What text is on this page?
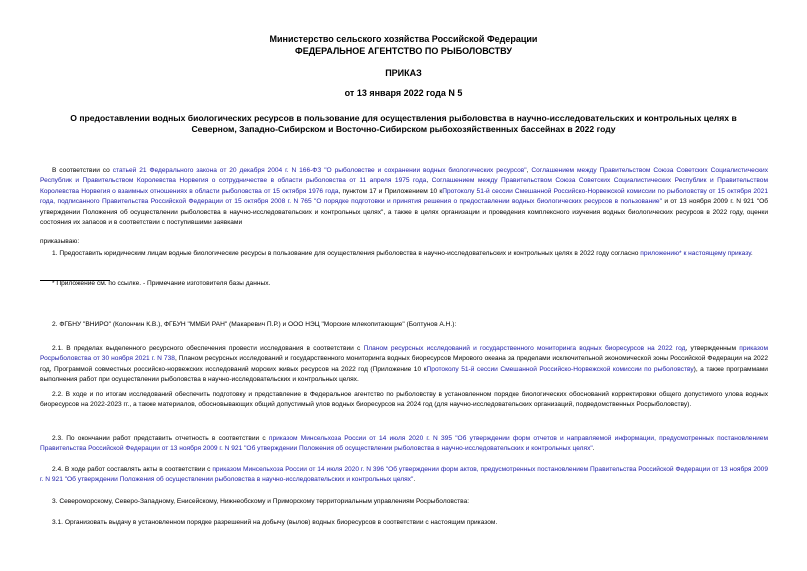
Министерство сельского хозяйства Российской Федерации
ФЕДЕРАЛЬНОЕ АГЕНТСТВО ПО РЫБОЛОВСТВУ
ПРИКАЗ
от 13 января 2022 года N 5
О предоставлении водных биологических ресурсов в пользование для осуществления рыболовства в научно-исследовательских и контрольных целях в
Северном, Западно-Сибирском и Восточно-Сибирском рыбохозяйственных бассейнах в 2022 году
В соответствии со статьей 21 Федерального закона от 20 декабря 2004 г. N 166-ФЗ "О рыболовстве и сохранении водных биологических ресурсов", Соглашением между Правительством Союза Советских Социалистических Республик и Правительством Королевства Норвегия о сотрудничестве в области рыболовства от 11 апреля 1975 года, Соглашением между Правительством Союза Советских Социалистических Республик и Правительством Королевства Норвегия о взаимных отношениях в области рыболовства от 15 октября 1976 года, пунктом 17 и Приложением 10 кПротоколу 51-й сессии Смешанной Российско-Норвежской комиссии по рыболовству от 15 октября 2021 года, подписанного Правительства Российской Федерации от 15 октября 2008 г. N 765 "О порядке подготовки и принятия решения о предоставлении водных биологических ресурсов в пользование" и от 13 ноября 2009 г. N 921 "Об утверждении Положения об осуществлении рыболовства в научно-исследовательских и контрольных целях", а также в целях организации и проведения комплексного изучения водных биологических ресурсов в 2022 году, оценки состояния их запасов и в соответствии с поступившими заявками
приказываю:
1. Предоставить юридическим лицам водные биологические ресурсы в пользование для осуществления рыболовства в научно-исследовательских и контрольных целях в 2022 году согласно приложению* к настоящему приказу.
* Приложение см. по ссылке. - Примечание изготовителя базы данных.
2. ФГБНУ "ВНИРО" (Колончин К.В.), ФГБУН "ММБИ РАН" (Макаревич П.Р.) и ООО НЭЦ "Морские млекопитающие" (Болтунов А.Н.):
2.1. В пределах выделенного ресурсного обеспечения провести исследования в соответствии с Планом ресурсных исследований и государственного мониторинга водных биоресурсов на 2022 год, утвержденным приказом Росрыболовства от 30 ноября 2021 г. N 738, Планом ресурсных исследований и государственного мониторинга водных биоресурсов Мирового океана за пределами исключительной экономической зоны Российской Федерации на 2022 год, Программой совместных российско-норвежских исследований морских живых ресурсов на 2022 год (Приложение 10 кПротоколу 51-й сессии Смешанной Российско-Норвежской комиссии по рыболовству), а также программами выполнения работ при осуществлении рыболовства в научно-исследовательских и контрольных целях.
2.2. В ходе и по итогам исследований обеспечить подготовку и представление в Федеральное агентство по рыболовству в установленном порядке биологических обоснований корректировки общего допустимого улова водных биоресурсов на 2022-2023 гг., а также материалов, обосновывающих общий допустимый улов водных биоресурсов на 2024 год (для научно-исследовательских организаций, подведомственных Росрыболовству).
2.3. По окончании работ представить отчетность в соответствии с приказом Минсельхоза России от 14 июля 2020 г. N 395 "Об утверждении форм отчетов и направляемой информации, предусмотренных постановлением Правительства Российской Федерации от 13 ноября 2009 г. N 921 "Об утверждении Положения об осуществлении рыболовства в научно-исследовательских и контрольных целях".
2.4. В ходе работ составлять акты в соответствии с приказом Минсельхоза России от 14 июля 2020 г. N 396 "Об утверждении форм актов, предусмотренных постановлением Правительства Российской Федерации от 13 ноября 2009 г. N 921 "Об утверждении Положения об осуществлении рыболовства в научно-исследовательских и контрольных целях".
3. Североморскому, Северо-Западному, Енисейскому, Нижнеобскому и Приморскому территориальным управлениям Росрыболовства:
3.1. Организовать выдачу в установленном порядке разрешений на добычу (вылов) водных биоресурсов в соответствии с настоящим приказом.
